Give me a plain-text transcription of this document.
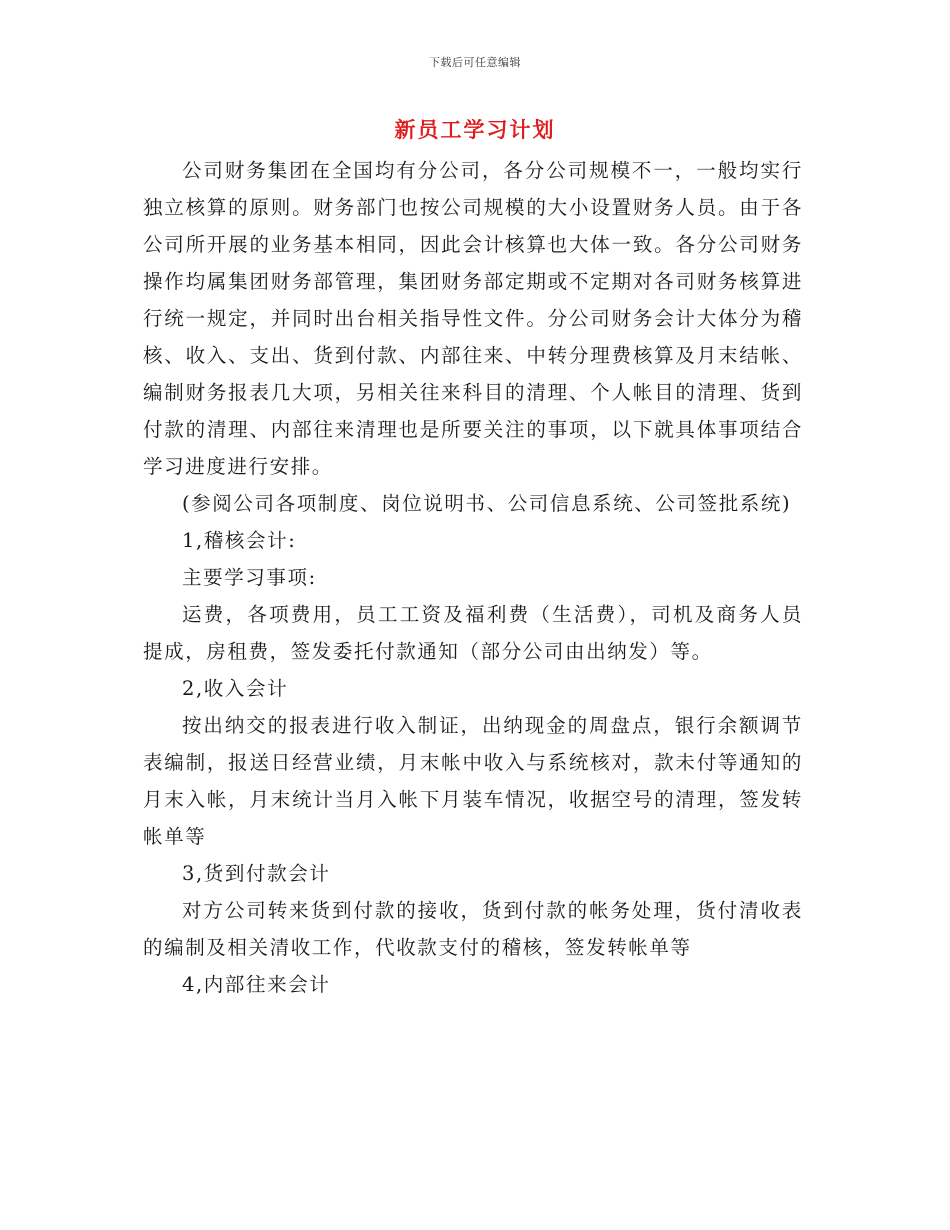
下载后可任意编辑
新员工学习计划

公司财务集团在全国均有分公司，各分公司规模不一，一般均实行独立核算的原则。财务部门也按公司规模的大小设置财务人员。由于各公司所开展的业务基本相同，因此会计核算也大体一致。各分公司财务操作均属集团财务部管理，集团财务部定期或不定期对各司财务核算进行统一规定，并同时出台相关指导性文件。分公司财务会计大体分为稽核、收入、支出、货到付款、内部往来、中转分理费核算及月末结帐、编制财务报表几大项，另相关往来科目的清理、个人帐目的清理、货到付款的清理、内部往来清理也是所要关注的事项，以下就具体事项结合学习进度进行安排。

(参阅公司各项制度、岗位说明书、公司信息系统、公司签批系统)

1,稽核会计:

主要学习事项:

运费，各项费用，员工工资及福利费（生活费），司机及商务人员提成，房租费，签发委托付款通知（部分公司由出纳发）等。

2,收入会计

按出纳交的报表进行收入制证，出纳现金的周盘点，银行余额调节表编制，报送日经营业绩，月末帐中收入与系统核对，款未付等通知的月末入帐，月末统计当月入帐下月装车情况，收据空号的清理，签发转帐单等

3,货到付款会计

对方公司转来货到付款的接收，货到付款的帐务处理，货付清收表的编制及相关清收工作，代收款支付的稽核，签发转帐单等

4,内部往来会计
